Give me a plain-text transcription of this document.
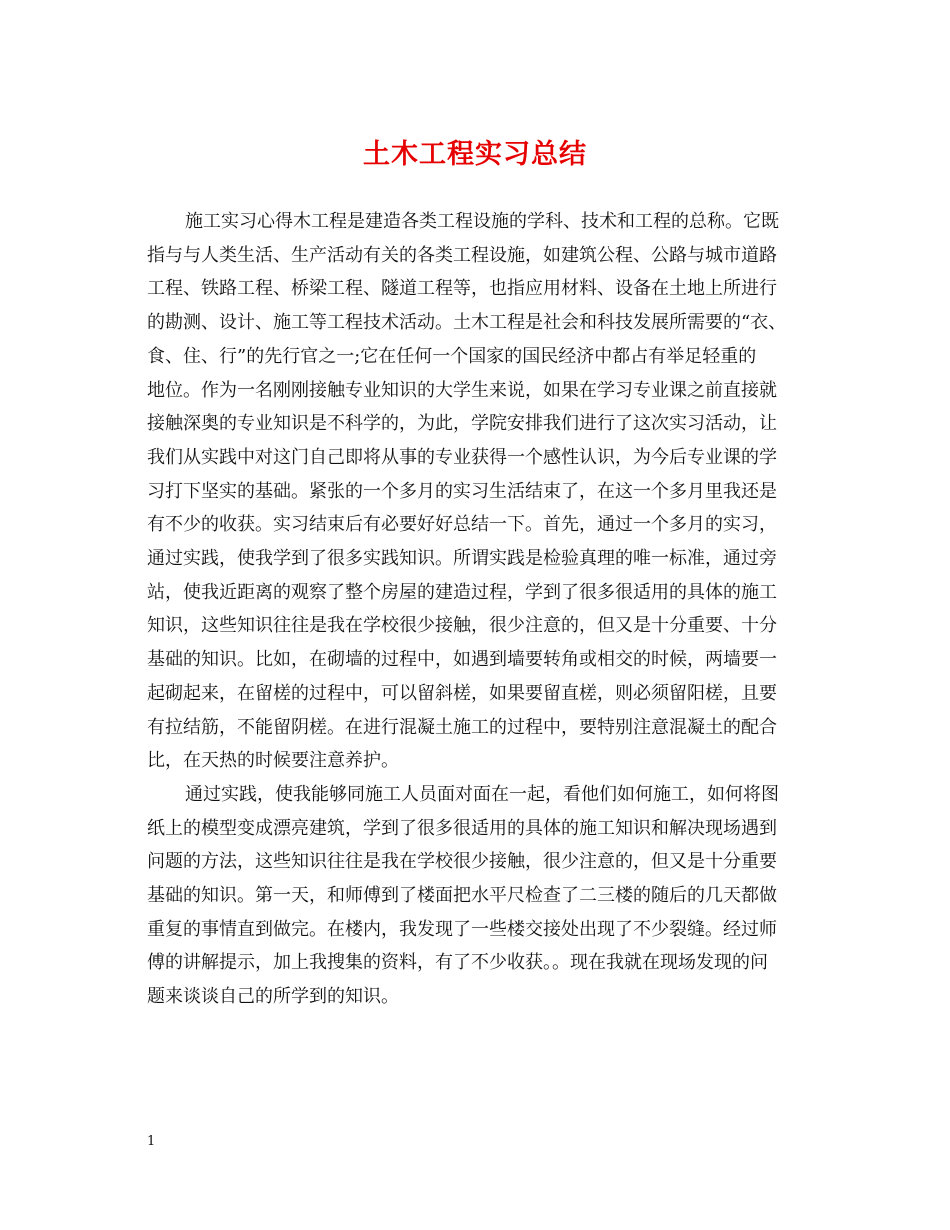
土木工程实习总结
施工实习心得木工程是建造各类工程设施的学科、技术和工程的总称。它既
指与与人类生活、生产活动有关的各类工程设施，如建筑公程、公路与城市道路
工程、铁路工程、桥梁工程、隧道工程等，也指应用材料、设备在土地上所进行
的勘测、设计、施工等工程技术活动。土木工程是社会和科技发展所需要的“衣、
食、住、行”的先行官之一;它在任何一个国家的国民经济中都占有举足轻重的
地位。作为一名刚刚接触专业知识的大学生来说，如果在学习专业课之前直接就
接触深奥的专业知识是不科学的，为此，学院安排我们进行了这次实习活动，让
我们从实践中对这门自己即将从事的专业获得一个感性认识，为今后专业课的学
习打下坚实的基础。紧张的一个多月的实习生活结束了，在这一个多月里我还是
有不少的收获。实习结束后有必要好好总结一下。首先，通过一个多月的实习，
通过实践，使我学到了很多实践知识。所谓实践是检验真理的唯一标准，通过旁
站，使我近距离的观察了整个房屋的建造过程，学到了很多很适用的具体的施工
知识，这些知识往往是我在学校很少接触，很少注意的，但又是十分重要、十分
基础的知识。比如，在砌墙的过程中，如遇到墙要转角或相交的时候，两墙要一
起砌起来，在留槎的过程中，可以留斜槎，如果要留直槎，则必须留阳槎，且要
有拉结筋，不能留阴槎。在进行混凝土施工的过程中，要特别注意混凝土的配合
比，在天热的时候要注意养护。
通过实践，使我能够同施工人员面对面在一起，看他们如何施工，如何将图
纸上的模型变成漂亮建筑，学到了很多很适用的具体的施工知识和解决现场遇到
问题的方法，这些知识往往是我在学校很少接触，很少注意的，但又是十分重要
基础的知识。第一天，和师傅到了楼面把水平尺检查了二三楼的随后的几天都做
重复的事情直到做完。在楼内，我发现了一些楼交接处出现了不少裂缝。经过师
傅的讲解提示，加上我搜集的资料，有了不少收获。。现在我就在现场发现的问
题来谈谈自己的所学到的知识。
1
